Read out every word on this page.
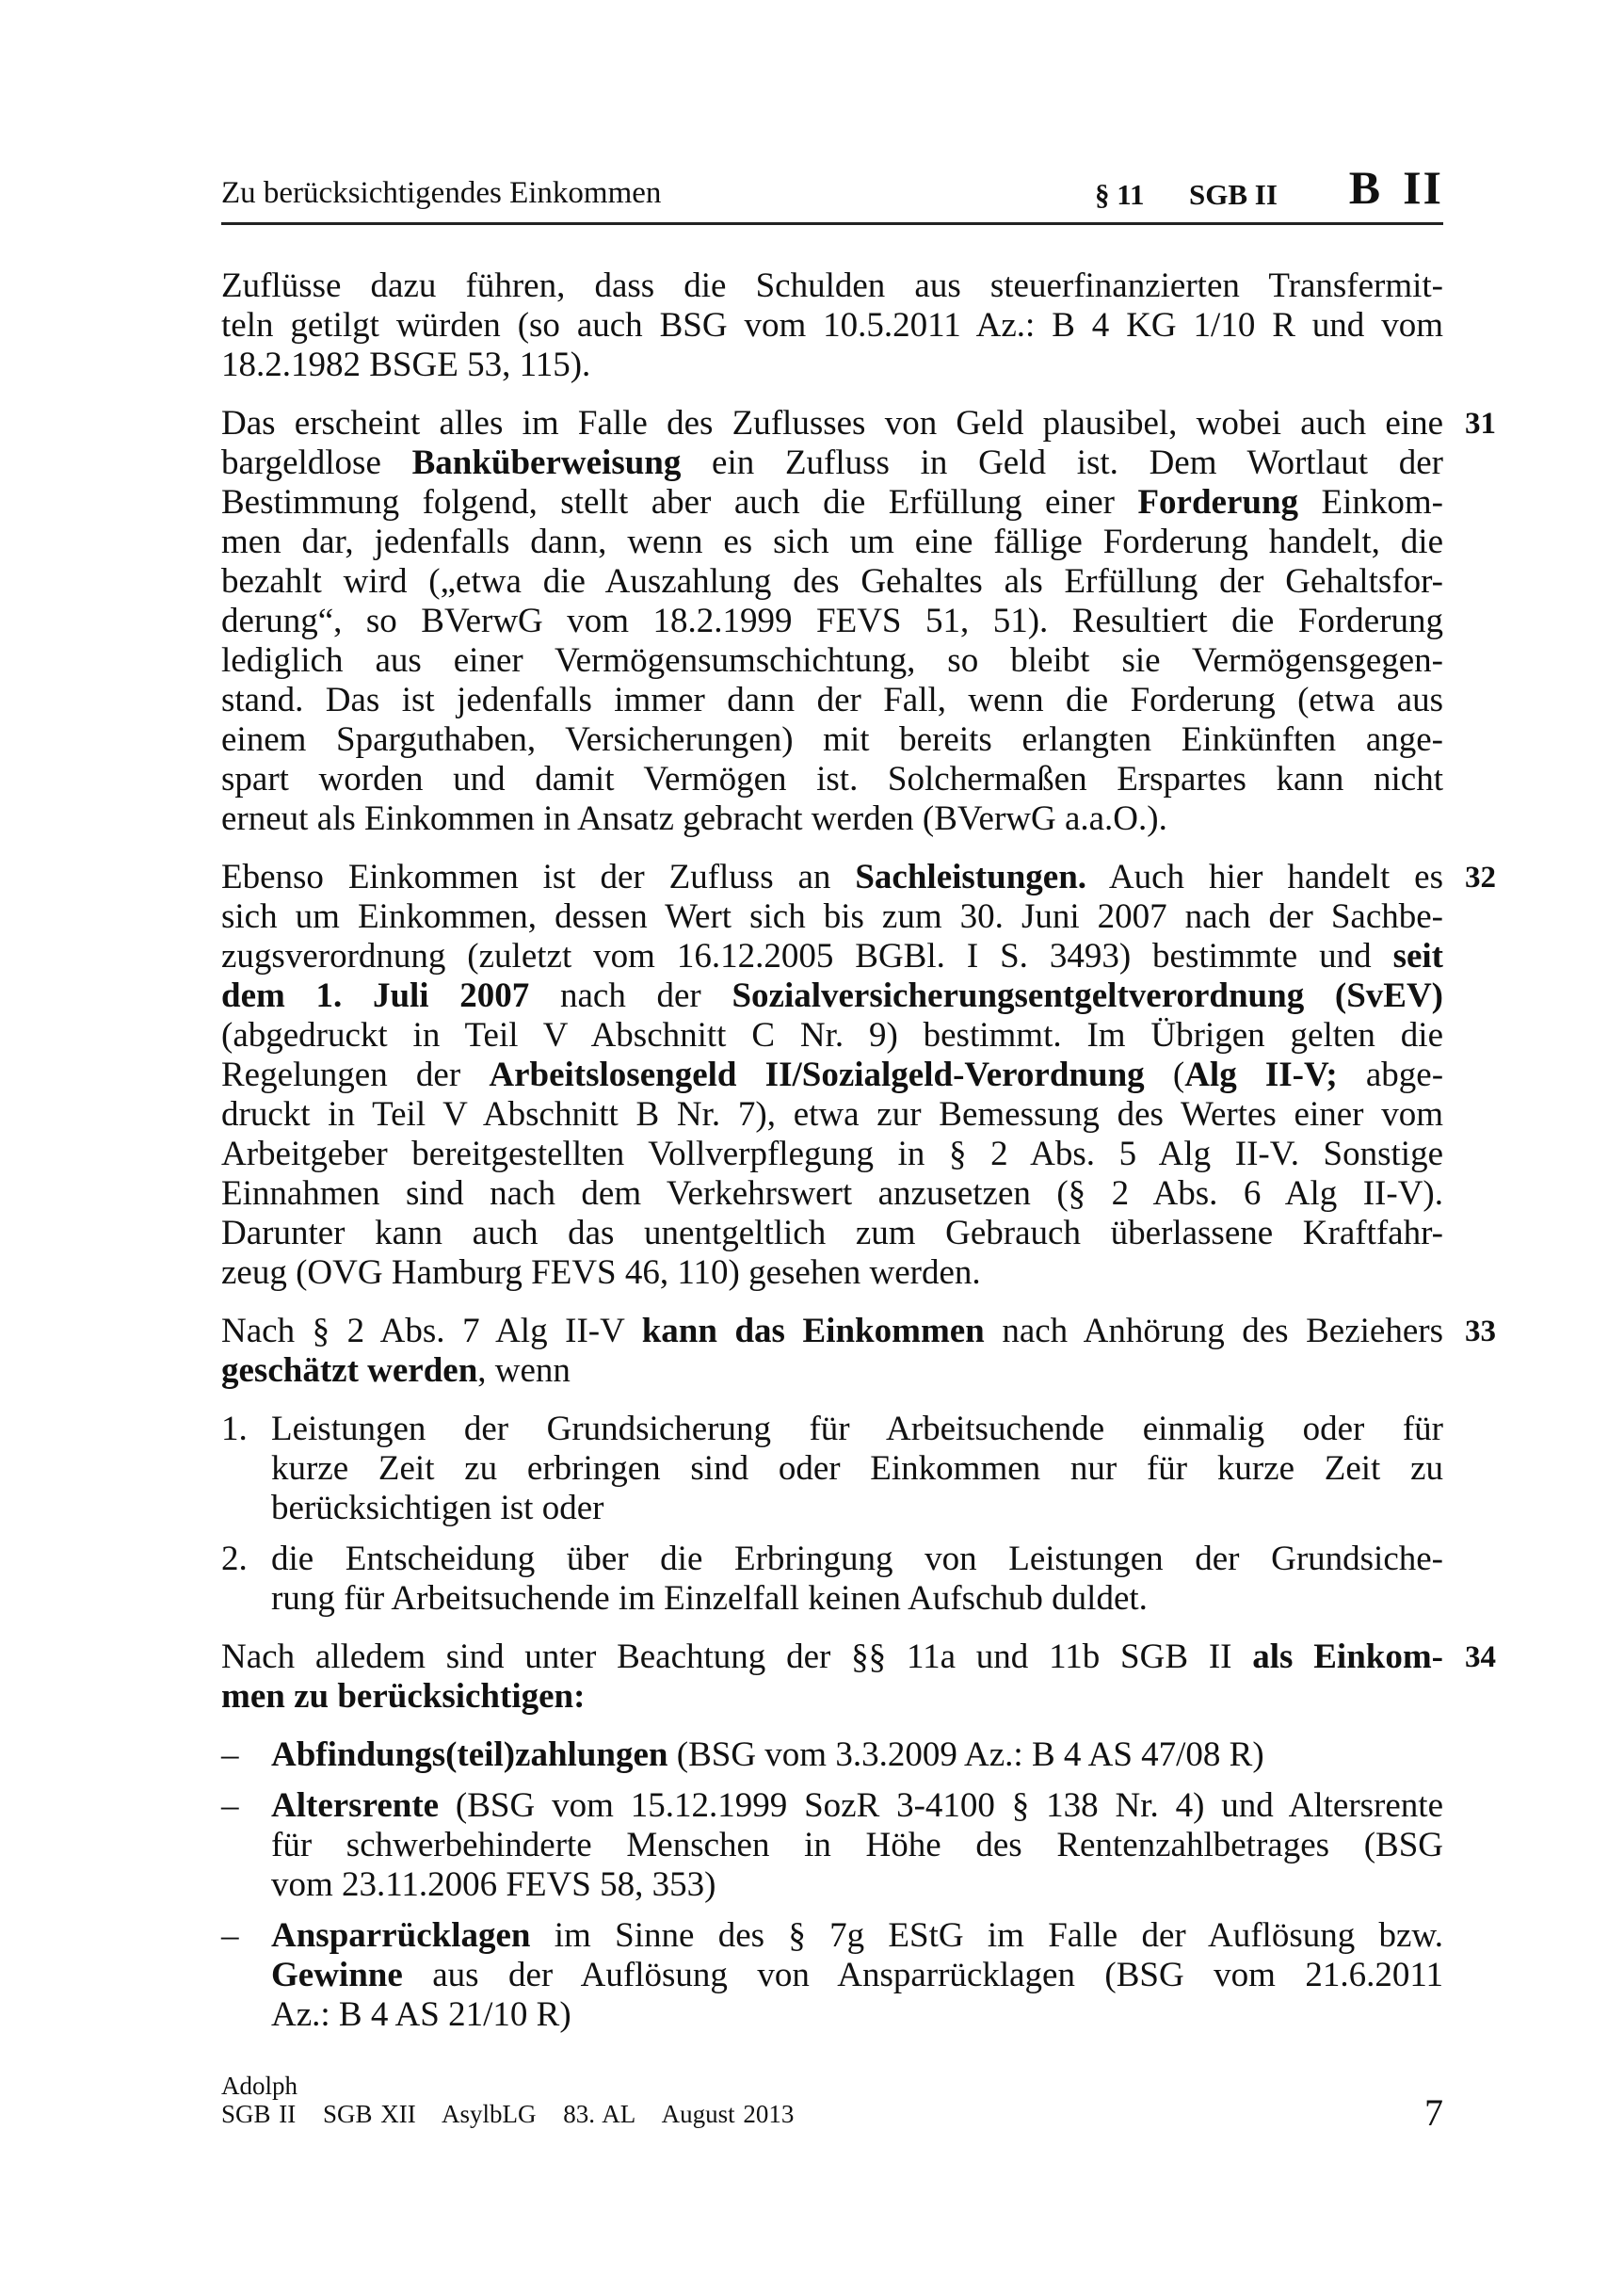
Zu berücksichtigendes Einkommen	§ 11 SGB II B II
Zuflüsse dazu führen, dass die Schulden aus steuerfinanzierten Transfermit-
teln getilgt würden (so auch BSG vom 10.5.2011 Az.: B 4 KG 1/10 R und vom
18.2.1982 BSGE 53, 115).
Das erscheint alles im Falle des Zuflusses von Geld plausibel, wobei auch eine
bargeldlose Banküberweisung ein Zufluss in Geld ist. Dem Wortlaut der
Bestimmung folgend, stellt aber auch die Erfüllung einer Forderung Einkom-
men dar, jedenfalls dann, wenn es sich um eine fällige Forderung handelt, die
bezahlt wird („etwa die Auszahlung des Gehaltes als Erfüllung der Gehaltsfor-
derung“, so BVerwG vom 18.2.1999 FEVS 51, 51). Resultiert die Forderung
lediglich aus einer Vermögensumschichtung, so bleibt sie Vermögensgegen-
stand. Das ist jedenfalls immer dann der Fall, wenn die Forderung (etwa aus
einem Sparguthaben, Versicherungen) mit bereits erlangten Einkünften ange-
spart worden und damit Vermögen ist. Solchermaßen Erspartes kann nicht
erneut als Einkommen in Ansatz gebracht werden (BVerwG a.a.O.).
31
Ebenso Einkommen ist der Zufluss an Sachleistungen. Auch hier handelt es
sich um Einkommen, dessen Wert sich bis zum 30. Juni 2007 nach der Sachbe-
zugsverordnung (zuletzt vom 16.12.2005 BGBl. I S. 3493) bestimmte und seit
dem 1. Juli 2007 nach der Sozialversicherungsentgeltverordnung (SvEV)
(abgedruckt in Teil V Abschnitt C Nr. 9) bestimmt. Im Übrigen gelten die
Regelungen der Arbeitslosengeld II/Sozialgeld-Verordnung (Alg II-V; abge-
druckt in Teil V Abschnitt B Nr. 7), etwa zur Bemessung des Wertes einer vom
Arbeitgeber bereitgestellten Vollverpflegung in § 2 Abs. 5 Alg II-V. Sonstige
Einnahmen sind nach dem Verkehrswert anzusetzen (§ 2 Abs. 6 Alg II-V).
Darunter kann auch das unentgeltlich zum Gebrauch überlassene Kraftfahr-
zeug (OVG Hamburg FEVS 46, 110) gesehen werden.
32
Nach § 2 Abs. 7 Alg II-V kann das Einkommen nach Anhörung des Beziehers
geschätzt werden, wenn
33
1. Leistungen der Grundsicherung für Arbeitsuchende einmalig oder für
kurze Zeit zu erbringen sind oder Einkommen nur für kurze Zeit zu
berücksichtigen ist oder
2. die Entscheidung über die Erbringung von Leistungen der Grundsiche-
rung für Arbeitsuchende im Einzelfall keinen Aufschub duldet.
Nach alledem sind unter Beachtung der §§ 11a und 11b SGB II als Einkom-
men zu berücksichtigen:
34
– Abfindungs(teil)zahlungen (BSG vom 3.3.2009 Az.: B 4 AS 47/08 R)
– Altersrente (BSG vom 15.12.1999 SozR 3-4100 § 138 Nr. 4) und Altersrente
für schwerbehinderte Menschen in Höhe des Rentenzahlbetrages (BSG
vom 23.11.2006 FEVS 58, 353)
– Ansparrücklagen im Sinne des § 7g EStG im Falle der Auflösung bzw.
Gewinne aus der Auflösung von Ansparrücklagen (BSG vom 21.6.2011
Az.: B 4 AS 21/10 R)
Adolph
SGB II SGB XII AsylbLG 83. AL August 2013	7
